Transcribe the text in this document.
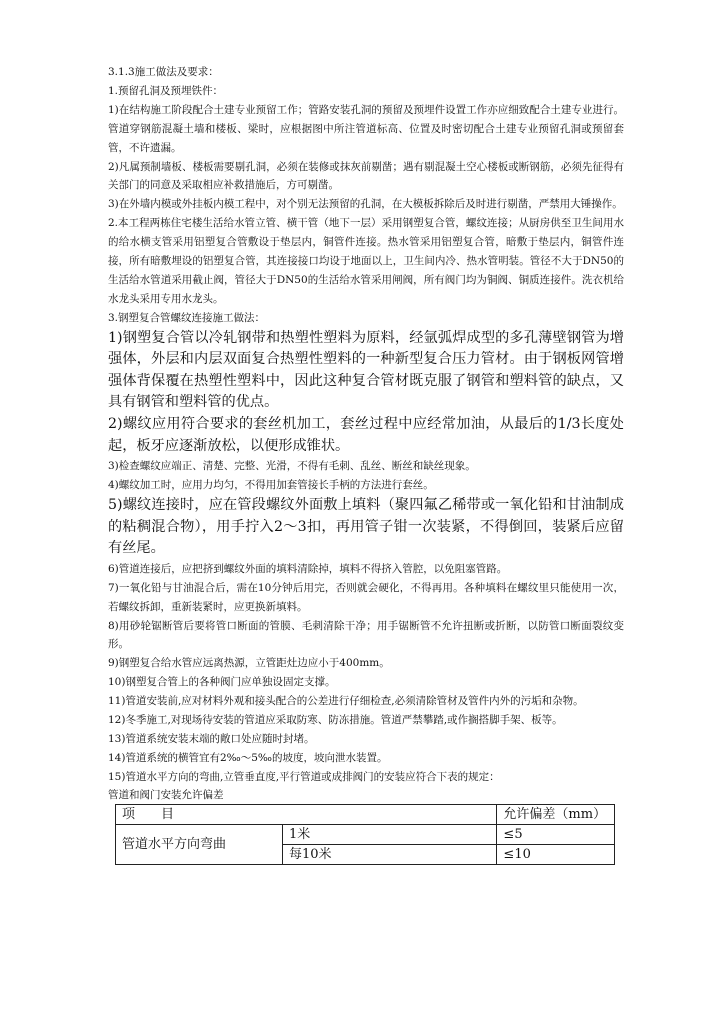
3.1.3施工做法及要求：

1.预留孔洞及预埋铁件：

1)在结构施工阶段配合土建专业预留工作；管路安装孔洞的预留及预埋件设置工作亦应细致配合土建专业进行。管道穿钢筋混凝土墙和楼板、梁时，应根据图中所注管道标高、位置及时密切配合土建专业预留孔洞或预留套管，不许遗漏。

2)凡属预制墙板、楼板需要剔孔洞，必须在装修或抹灰前剔凿；遇有剔混凝土空心楼板或断钢筋，必须先征得有关部门的同意及采取相应补救措施后，方可剔凿。

3)在外墙内模或外挂板内模工程中，对个别无法预留的孔洞，在大模板拆除后及时进行剔凿，严禁用大锤操作。

2.本工程两栋住宅楼生活给水管立管、横干管（地下一层）采用钢塑复合管，螺纹连接；从厨房供至卫生间用水的给水横支管采用铝塑复合管敷设于垫层内，铜管件连接。热水管采用铝塑复合管，暗敷于垫层内，铜管件连接，所有暗敷埋设的铝塑复合管，其连接接口均设于地面以上，卫生间内冷、热水管明装。管径不大于DN50的生活给水管道采用截止阀，管径大于DN50的生活给水管采用闸阀，所有阀门均为铜阀、铜质连接件。洗衣机给水龙头采用专用水龙头。

3.钢塑复合管螺纹连接施工做法：

1)钢塑复合管以冷轧钢带和热塑性塑料为原料，经氩弧焊成型的多孔薄壁钢管为增强体，外层和内层双面复合热塑性塑料的一种新型复合压力管材。由于钢板网管增强体背保覆在热塑性塑料中，因此这种复合管材既克服了钢管和塑料管的缺点，又具有钢管和塑料管的优点。

2)螺纹应用符合要求的套丝机加工，套丝过程中应经常加油，从最后的1/3长度处起，板牙应逐渐放松，以便形成锥状。

3)检查螺纹应端正、清楚、完整、光滑，不得有毛刺、乱丝、断丝和缺丝现象。

4)螺纹加工时，应用力均匀，不得用加套管接长手柄的方法进行套丝。

5)螺纹连接时，应在管段螺纹外面敷上填料（聚四氟乙稀带或一氧化铅和甘油制成的粘稠混合物），用手拧入2～3扣，再用管子钳一次装紧，不得倒回，装紧后应留有丝尾。

6)管道连接后，应把挤到螺纹外面的填料清除掉，填料不得挤入管腔，以免阻塞管路。

7)一氧化铅与甘油混合后，需在10分钟后用完，否则就会硬化，不得再用。各种填料在螺纹里只能使用一次，若螺纹拆卸，重新装紧时，应更换新填料。

8)用砂轮锯断管后要将管口断面的管膜、毛刺清除干净；用手锯断管不允许扭断或折断，以防管口断面裂纹变形。

9)钢塑复合给水管应远离热源，立管距灶边应小于400mm。

10)钢塑复合管上的各种阀门应单独设固定支撑。

11)管道安装前,应对材料外观和接头配合的公差进行仔细检查,必须清除管材及管件内外的污垢和杂物。

12)冬季施工,对现场待安装的管道应采取防寒、防冻措施。管道严禁攀踏,或作搁搭脚手架、板等。

13)管道系统安装末端的敞口处应随时封堵。

14)管道系统的横管宜有2‰～5‰的坡度，坡向泄水装置。

15)管道水平方向的弯曲,立管垂直度,平行管道或成排阀门的安装应符合下表的规定：

管道和阀门安装允许偏差

项　　目		允许偏差（mm）
管道水平方向弯曲	1米	≤5
	每10米	≤10
